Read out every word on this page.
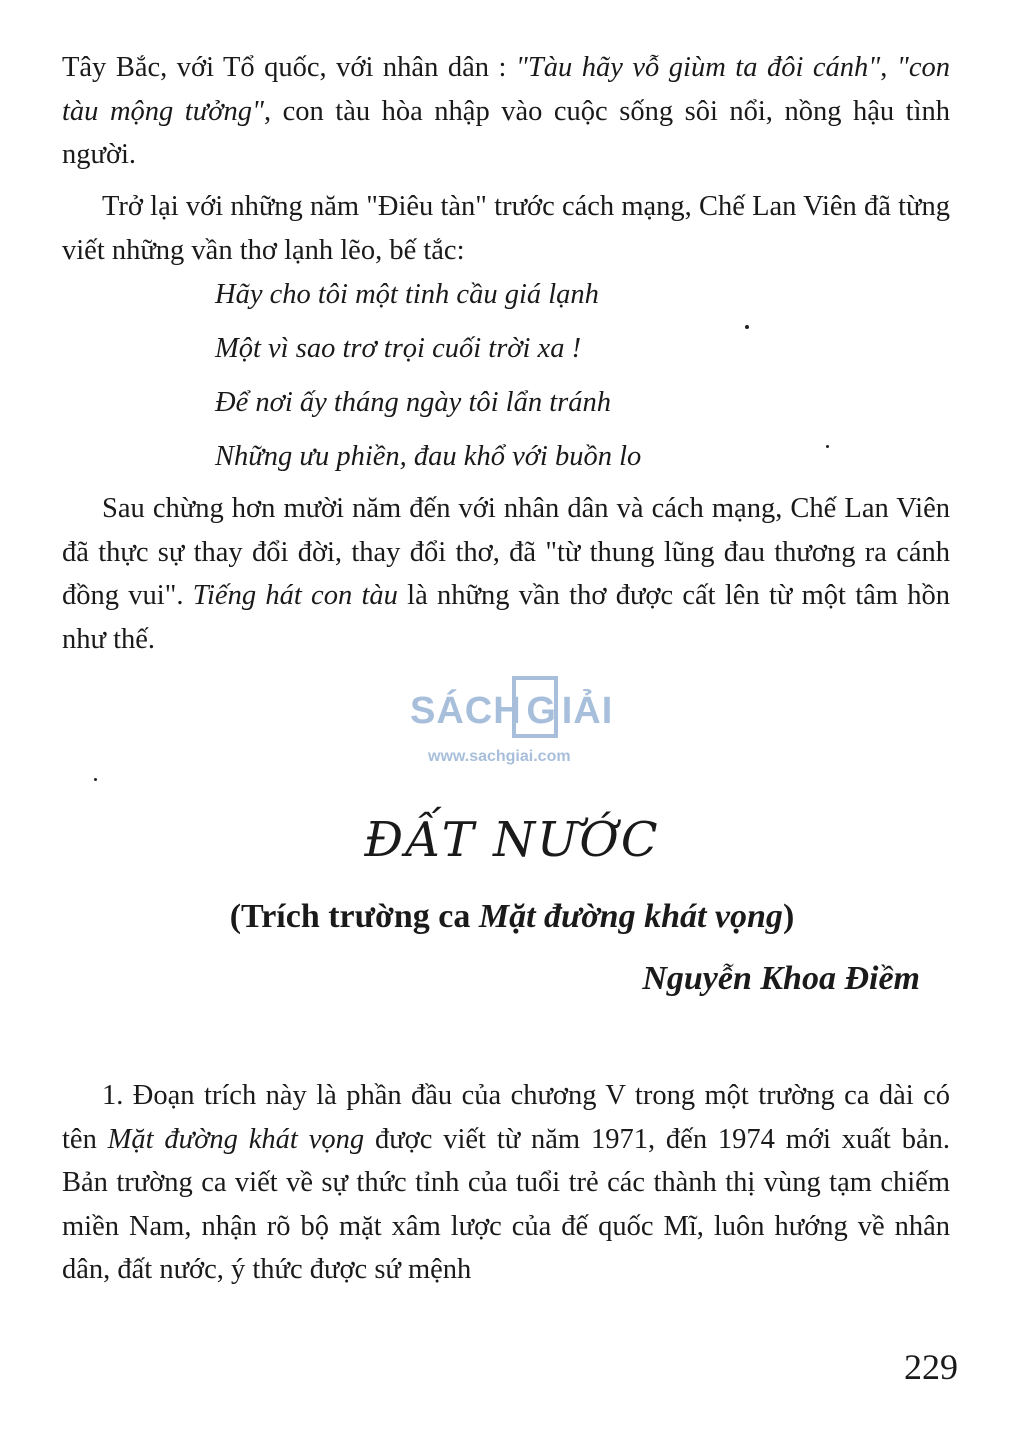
Tây Bắc, với Tổ quốc, với nhân dân : "Tàu hãy vỗ giùm ta đôi cánh", "con tàu mộng tưởng", con tàu hòa nhập vào cuộc sống sôi nổi, nồng hậu tình người.

Trở lại với những năm "Điêu tàn" trước cách mạng, Chế Lan Viên đã từng viết những vần thơ lạnh lẽo, bế tắc:

Hãy cho tôi một tinh cầu giá lạnh
Một vì sao trơ trọi cuối trời xa !
Để nơi ấy tháng ngày tôi lẩn tránh
Những ưu phiền, đau khổ với buồn lo

Sau chừng hơn mười năm đến với nhân dân và cách mạng, Chế Lan Viên đã thực sự thay đổi đời, thay đổi thơ, đã "từ thung lũng đau thương ra cánh đồng vui". Tiếng hát con tàu là những vần thơ được cất lên từ một tâm hồn như thế.

SÁCH G IẢI
www.sachgiai.com
ĐẤT NƯỚC
(Trích trường ca Mặt đường khát vọng)
Nguyễn Khoa Điềm

1. Đoạn trích này là phần đầu của chương V trong một trường ca dài có tên Mặt đường khát vọng được viết từ năm 1971, đến 1974 mới xuất bản. Bản trường ca viết về sự thức tỉnh của tuổi trẻ các thành thị vùng tạm chiếm miền Nam, nhận rõ bộ mặt xâm lược của đế quốc Mĩ, luôn hướng về nhân dân, đất nước, ý thức được sứ mệnh

229
